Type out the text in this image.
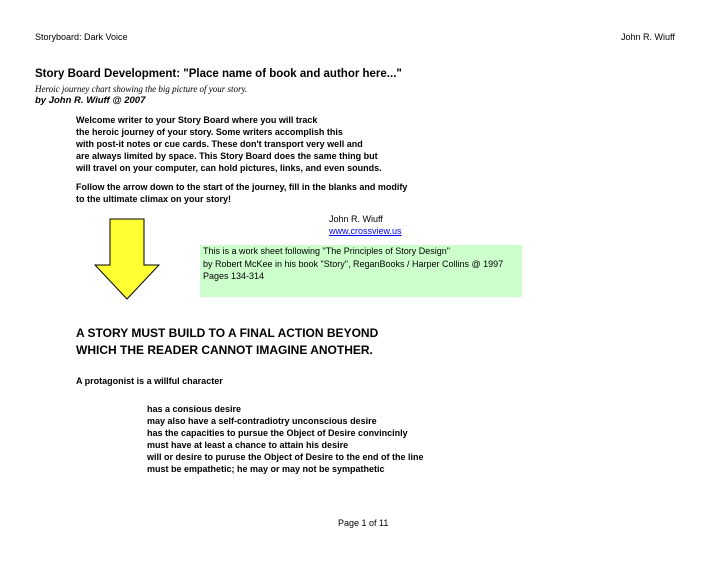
Storyboard: Dark Voice	John R. Wiuff
Story Board Development: "Place name of book and author here..."
Heroic journey chart showing the big picture of your story.
by John R. Wiuff @ 2007
Welcome writer to your Story Board where you will track
the heroic journey of your story. Some writers accomplish this
with post-it notes or cue cards. These don't transport very well and
are always limited by space. This Story Board does the same thing but
will travel on your computer, can hold pictures, links, and even sounds.
Follow the arrow down to the start of the journey, fill in the blanks and modify
to the ultimate climax on your story!
John R. Wiuff
www.crossview.us
This is a work sheet following "The Principles of Story Design"
by Robert McKee in his book "Story", ReganBooks / Harper Collins @ 1997
Pages 134-314
A STORY MUST BUILD TO A FINAL ACTION BEYOND
WHICH THE READER CANNOT IMAGINE ANOTHER.
A protagonist is a willful character
has a consious desire
may also have a self-contradiotry unconscious desire
has the capacities to pursue the Object of Desire convincinly
must have at least a chance to attain his desire
will or desire to puruse the Object of Desire to the end of the line
must be empathetic; he may or may not be sympathetic
Page 1 of 11
